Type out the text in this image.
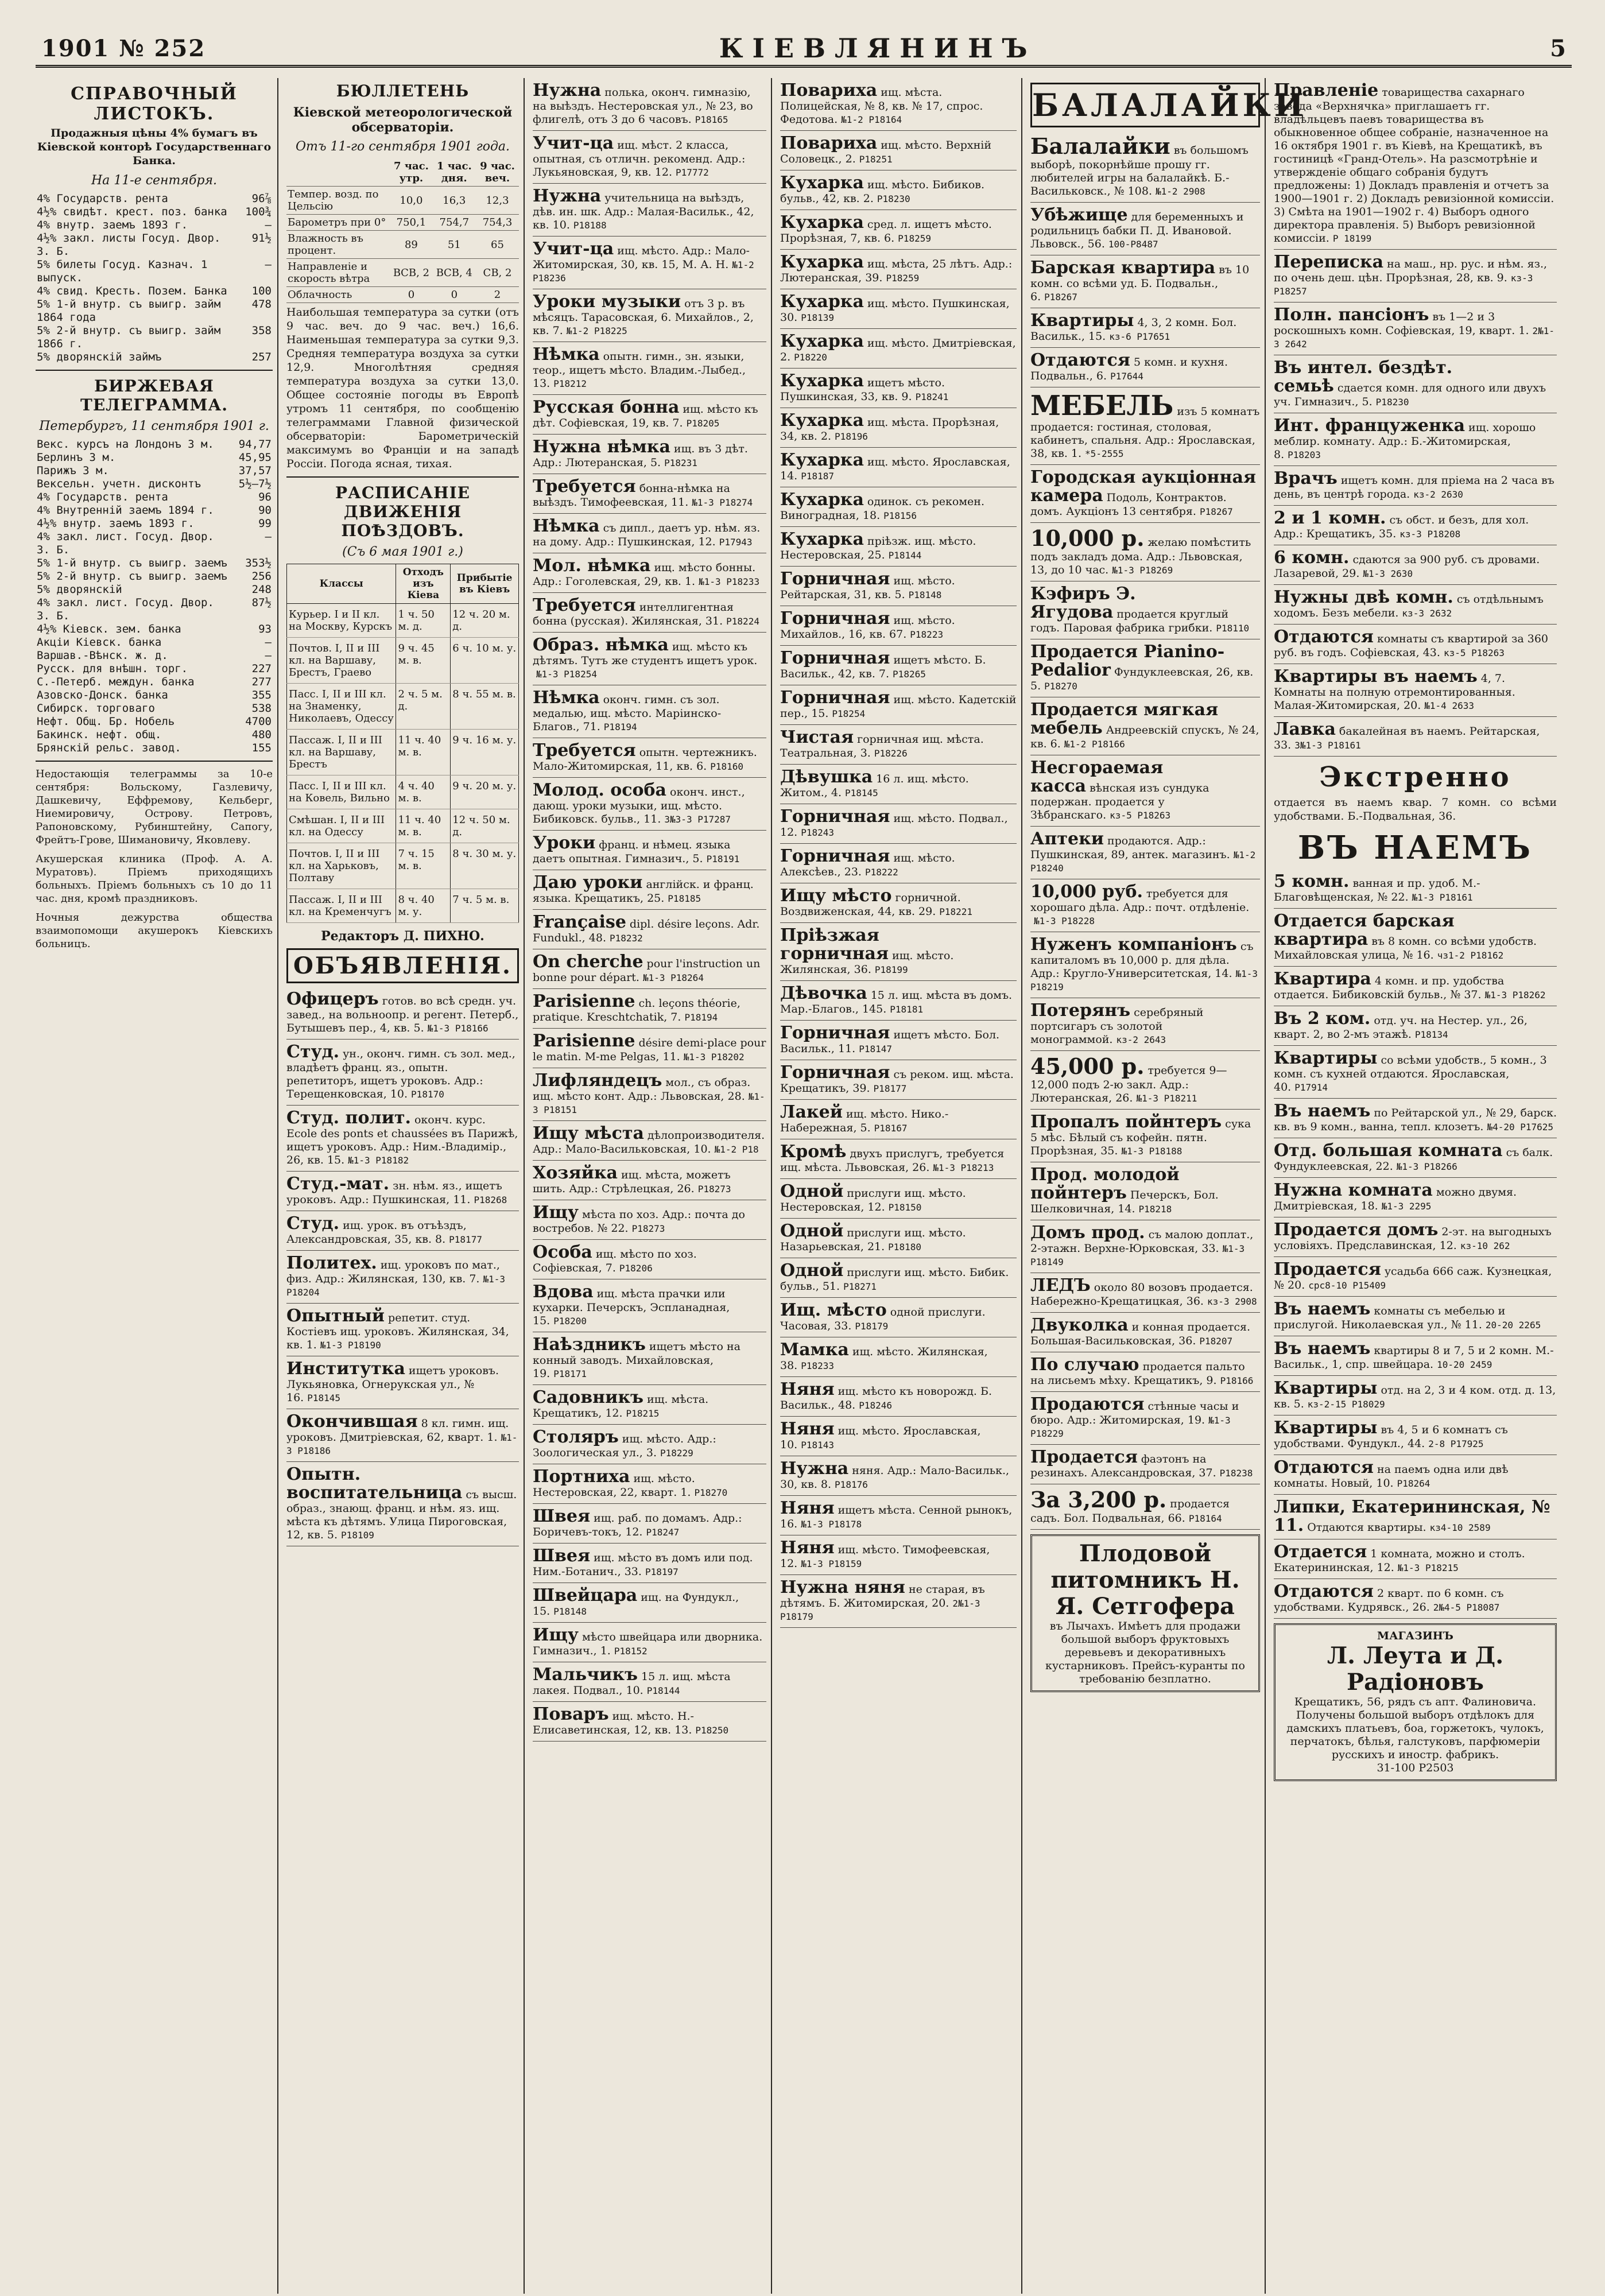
1901 № 252	КІЕВЛЯНИНЪ	5
СПРАВОЧНЫЙ ЛИСТОКЪ.
Продажныя цѣны 4% бумагъ въ Кіевской конторѣ Государственнаго Банка.
На 11-е сентября.
4% Государств. рента	96⅞
4½% свидѣт. крест. поз. банка	100¾
4% внутр. заемъ 1893 г.	—
4½% закл. листы Госуд. Двор. З. Б.	91½
5% билеты Госуд. Казнач. 1 выпуск.	—
4% свид. Кресть. Позем. Банка	100
5% 1-й внутр. съ выигр. займ 1864 года	478
5% 2-й внутр. съ выигр. займ 1866 г.	358
5% дворянскій займъ	257
БИРЖЕВАЯ ТЕЛЕГРАММА.
Петербургъ, 11 сентября 1901 г.
Векс. курсъ на Лондонъ 3 м.	94,77
Берлинъ 3 м.	45,95
Парижъ 3 м.	37,57
Вексельн. учетн. дисконтъ	5½—7½
4% Государств. рента	96
4% Внутренній заемъ 1894 г.	90
4½% внутр. заемъ 1893 г.	99
4% закл. лист. Госуд. Двор. З. Б.	—
5% 1-й внутр. съ выигр. заемъ	353½
5% 2-й внутр. съ выигр. заемъ	256
5% дворянскій	248
4% закл. лист. Госуд. Двор. З. Б.	87½
4½% Кіевск. зем. банка	93
Акціи Кіевск. банка	—
Варшав.-Вѣнск. ж. д.	—
Русск. для внѣшн. торг.	227
С.-Петерб. междун. банка	277
Азовско-Донск. банка	355
Сибирск. торговаго	538
Нефт. Общ. Бр. Нобель	4700
Бакинск. нефт. общ.	480
Брянскій рельс. завод.	155
Недостающія телеграммы за 10-е сентября: Вольскому, Газлевичу, Дашкевичу, Еффремову, Кельберг, Ниемировичу, Острову. Петровъ, Рапоновскому, Рубинштейну, Сапогу, Фрейтъ-Грове, Шимановичу, Яковлеву.
Акушерская клиника (Проф. А. А. Муратовъ). Пріемъ приходящихъ больныхъ. Пріемъ больныхъ съ 10 до 11 час. дня, кромѣ праздниковъ.
Ночныя дежурства общества взаимопомощи акушерокъ Кіевскихъ больницъ.
БЮЛЛЕТЕНЬ
Кіевской метеорологической обсерваторіи.
Отъ 11-го сентября 1901 года.
	7 час. утр.	1 час. дня.	9 час. веч.
Темпер. возд. по Цельсію	10,0	16,3	12,3
Барометръ при 0°	750,1	754,7	754,3
Влажность въ процент.	89	51	65
Направленіе и скорость вѣтра	ВСВ, 2	ВСВ, 4	СВ, 2
Облачность	0	0	2
Наибольшая температура за сутки (отъ 9 час. веч. до 9 час. веч.) 16,6. Наименьшая температура за сутки 9,3. Средняя температура воздуха за сутки 12,9. Многолѣтняя средняя температура воздуха за сутки 13,0. Общее состояніе погоды въ Европѣ утромъ 11 сентября, по сообщенію телеграммами Главной физической обсерваторіи: Барометрическій максимумъ во Франціи и на западѣ Россіи. Погода ясная, тихая.
РАСПИСАНІЕ ДВИЖЕНІЯ ПОѢЗДОВЪ.
(Съ 6 мая 1901 г.)
Классы	Отходъ изъ Кіева	Прибытіе въ Кіевъ
Курьер. I и II кл. на Москву, Курскъ	1 ч. 50 м. д.	12 ч. 20 м. д.
Почтов. I, II и III кл. на Варшаву, Брестъ, Граево	9 ч. 45 м. в.	6 ч. 10 м. у.
Пасс. I, II и III кл. на Знаменку, Николаевъ, Одессу	2 ч. 5 м. д.	8 ч. 55 м. в.
Пассаж. I, II и III кл. на Варшаву, Брестъ	11 ч. 40 м. в.	9 ч. 16 м. у.
Пасс. I, II и III кл. на Ковель, Вильно	4 ч. 40 м. в.	9 ч. 20 м. у.
Смѣшан. I, II и III кл. на Одессу	11 ч. 40 м. в.	12 ч. 50 м. д.
Почтов. I, II и III кл. на Харьковъ, Полтаву	7 ч. 15 м. в.	8 ч. 30 м. у.
Пассаж. I, II и III кл. на Кременчугъ	8 ч. 40 м. у.	7 ч. 5 м. в.
Редакторъ Д. ПИХНО.
ОБЪЯВЛЕНІЯ.
Офицеръ готов. во всѣ средн. уч. завед., на вольноопр. и регент. Петерб., Бутышевъ пер., 4, кв. 5. №1-3 P18166
Студ. ун., оконч. гимн. съ зол. мед., владѣетъ франц. яз., опытн. репетиторъ, ищетъ уроковъ. Адр.: Терещенковская, 10. Р18170
Студ. полит. оконч. курс. Ecole des ponts et chaussées въ Парижѣ, ищетъ уроковъ. Адр.: Ним.-Владимір., 26, кв. 15. №1-3 P18182
Студ.-мат. зн. нѣм. яз., ищетъ уроковъ. Адр.: Пушкинская, 11. Р18268
Студ. ищ. урок. въ отъѣздъ, Александровская, 35, кв. 8. Р18177
Политех. ищ. уроковъ по мат., физ. Адр.: Жилянская, 130, кв. 7. №1-3 P18204
Опытный репетит. студ. Костіевъ ищ. уроковъ. Жилянская, 34, кв. 1. №1-3 P18190
Институтка ищетъ уроковъ. Лукьяновка, Огнерукская ул., № 16. Р18145
Окончившая 8 кл. гимн. ищ. уроковъ. Дмитріевская, 62, кварт. 1. №1-3 P18186
Опытн. воспитательница съ высш. образ., знающ. франц. и нѣм. яз. ищ. мѣста къ дѣтямъ. Улица Пироговская, 12, кв. 5. Р18109
Нужна полька, оконч. гимназію, на выѣздъ. Нестеровская ул., № 23, во флигелѣ, отъ 3 до 6 часовъ. Р18165
Учит-ца ищ. мѣст. 2 класса, опытная, съ отличн. рекоменд. Адр.: Лукьяновская, 9, кв. 12. Р17772
Нужна учительница на выѣздъ, дѣв. ин. шк. Адр.: Малая-Васильк., 42, кв. 10. Р18188
Учит-ца ищ. мѣсто. Адр.: Мало-Житомирская, 30, кв. 15, М. А. Н. №1-2 P18236
Уроки музыки отъ 3 р. въ мѣсяцъ. Тарасовская, 6. Михайлов., 2, кв. 7. №1-2 P18225
Нѣмка опытн. гимн., зн. языки, теор., ищетъ мѣсто. Владим.-Лыбед., 13. Р18212
Русская бонна ищ. мѣсто къ дѣт. Софіевская, 19, кв. 7. Р18205
Нужна нѣмка ищ. въ 3 дѣт. Адр.: Лютеранская, 5. Р18231
Требуется бонна-нѣмка на выѣздъ. Тимофеевская, 11. №1-3 P18274
Нѣмка съ дипл., даетъ ур. нѣм. яз. на дому. Адр.: Пушкинская, 12. Р17943
Мол. нѣмка ищ. мѣсто бонны. Адр.: Гоголевская, 29, кв. 1. №1-3 P18233
Требуется интеллигентная бонна (русская). Жилянская, 31. Р18224
Образ. нѣмка ищ. мѣсто къ дѣтямъ. Тутъ же студентъ ищетъ урок.№1-3 P18254
Нѣмка оконч. гимн. съ зол. медалью, ищ. мѣсто. Маріинско-Благов., 71. Р18194
Требуется опытн. чертежникъ. Мало-Житомирская, 11, кв. 6. Р18160
Молод. особа оконч. инст., дающ. уроки музыки, ищ. мѣсто. Бибиковск. бульв., 11. 3№3-3 P17287
Уроки франц. и нѣмец. языка даетъ опытная. Гимназич., 5. Р18191
Даю уроки англійск. и франц. языка. Крещатикъ, 25. Р18185
Française dipl. désire leçons. Adr. Fundukl., 48. Р18232
On cherche pour l'instruction un bonne pour départ. №1-3 P18264
Parisienne ch. leçons théorie, pratique. Kreschtchatik, 7. Р18194
Parisienne désire demi-place pour le matin. M-me Pelgas, 11. №1-3 P18202
Лифляндецъ мол., съ образ. ищ. мѣсто конт. Адр.: Львовская, 28. №1-3 P18151
Ищу мѣста дѣлопроизводителя. Адр.: Мало-Васильковская, 10. №1-2 P18
Хозяйка ищ. мѣста, можетъ шить. Адр.: Стрѣлецкая, 26. Р18273
Ищу мѣста по хоз. Адр.: почта до востребов. № 22. Р18273
Особа ищ. мѣсто по хоз. Софіевская, 7. Р18206
Вдова ищ. мѣста прачки или кухарки. Печерскъ, Эспланадная, 15. Р18200
Наѣздникъ ищетъ мѣсто на конный заводъ. Михайловская, 19. Р18171
Садовникъ ищ. мѣста. Крещатикъ, 12. Р18215
Столяръ ищ. мѣсто. Адр.: Зоологическая ул., 3. Р18229
Портниха ищ. мѣсто. Нестеровская, 22, кварт. 1. Р18270
Швея ищ. раб. по домамъ. Адр.: Боричевъ-токъ, 12. Р18247
Швея ищ. мѣсто въ домъ или под. Ним.-Ботанич., 33. Р18197
Швейцара ищ. на Фундукл., 15. Р18148
Ищу мѣсто швейцара или дворника. Гимназич., 1. Р18152
Мальчикъ 15 л. ищ. мѣста лакея. Подвал., 10. Р18144
Поваръ ищ. мѣсто. Н.-Елисаветинская, 12, кв. 13. Р18250
Повариха ищ. мѣста. Полицейская, № 8, кв. № 17, спрос. Федотова. №1-2 P18164
Повариха ищ. мѣсто. Верхній Соловецк., 2. Р18251
Кухарка ищ. мѣсто. Бибиков. бульв., 42, кв. 2. Р18230
Кухарка сред. л. ищетъ мѣсто. Прорѣзная, 7, кв. 6. Р18259
Кухарка ищ. мѣста, 25 лѣтъ. Адр.: Лютеранская, 39. Р18259
Кухарка ищ. мѣсто. Пушкинская, 30. Р18139
Кухарка ищ. мѣсто. Дмитріевская, 2. Р18220
Кухарка ищетъ мѣсто. Пушкинская, 33, кв. 9. Р18241
Кухарка ищ. мѣста. Прорѣзная, 34, кв. 2. Р18196
Кухарка ищ. мѣсто. Ярославская, 14. Р18187
Кухарка одинок. съ рекомен. Виноградная, 18. Р18156
Кухарка пріѣзж. ищ. мѣсто. Нестеровская, 25. Р18144
Горничная ищ. мѣсто. Рейтарская, 31, кв. 5. Р18148
Горничная ищ. мѣсто. Михайлов., 16, кв. 67. Р18223
Горничная ищетъ мѣсто. Б. Васильк., 42, кв. 7. Р18265
Горничная ищ. мѣсто. Кадетскій пер., 15. Р18254
Чистая горничная ищ. мѣста. Театральная, 3. Р18226
Дѣвушка 16 л. ищ. мѣсто. Житом., 4. Р18145
Горничная ищ. мѣсто. Подвал., 12. Р18243
Горничная ищ. мѣсто. Алексѣев., 23. Р18222
Ищу мѣсто горничной. Воздвиженская, 44, кв. 29. Р18221
Пріѣзжая горничная ищ. мѣсто. Жилянская, 36. Р18199
Дѣвочка 15 л. ищ. мѣста въ домъ. Мар.-Благов., 145. Р18181
Горничная ищетъ мѣсто. Бол. Васильк., 11. Р18147
Горничная съ реком. ищ. мѣста. Крещатикъ, 39. Р18177
Лакей ищ. мѣсто. Нико.-Набережная, 5. Р18167
Кромѣ двухъ прислугъ, требуется ищ. мѣста. Львовская, 26. №1-3 P18213
Одной прислуги ищ. мѣсто. Нестеровская, 12. Р18150
Одной прислуги ищ. мѣсто. Назарьевская, 21. Р18180
Одной прислуги ищ. мѣсто. Бибик. бульв., 51. Р18271
Ищ. мѣсто одной прислуги. Часовая, 33. Р18179
Мамка ищ. мѣсто. Жилянская, 38. Р18233
Няня ищ. мѣсто къ новорожд. Б. Васильк., 48. Р18246
Няня ищ. мѣсто. Ярославская, 10. Р18143
Нужна няня. Адр.: Мало-Васильк., 30, кв. 8. Р18176
Няня ищетъ мѣста. Сенной рынокъ, 16. №1-3 P18178
Няня ищ. мѣсто. Тимофеевская, 12. №1-3 P18159
Нужна няня не старая, въ дѣтямъ. Б. Житомирская, 20. 2№1-3 P18179
БАЛАЛАЙКИ
Балалайки въ большомъ выборѣ, покорнѣйше прошу гг. любителей игры на балалайкѣ. Б.-Васильковск., № 108. №1-2 2908
Убѣжище для беременныхъ и родильницъ бабки П. Д. Ивановой. Львовск., 56. 100-P8487
Барская квартира въ 10 комн. со всѣми уд. Б. Подвальн., 6. Р18267
Квартиры 4, 3, 2 комн. Бол. Васильк., 15. кз-6 P17651
Отдаются 5 комн. и кухня. Подвальн., 6. Р17644
МЕБЕЛЬ изъ 5 комнатъ продается: гостиная, столовая, кабинетъ, спальня. Адр.: Ярославская, 38, кв. 1. *5-2555
Городская аукціонная камера Подоль, Контрактов. домъ. Аукціонъ 13 сентября. Р18267
10,000 р. желаю помѣстить подъ закладъ дома. Адр.: Львовская, 13, до 10 час. №1-3 P18269
Кэфиръ Э. Ягудова продается круглый годъ. Паровая фабрика грибки. Р18110
Продается Pianino-Pedalior Фундуклеевская, 26, кв. 5. Р18270
Продается мягкая мебель Андреевскій спускъ, № 24, кв. 6. №1-2 P18166
Несгораемая касса вѣнская изъ сундука подержан. продается у Зѣбранскаго. кз-5 P18263
Аптеки продаются. Адр.: Пушкинская, 89, антек. магазинъ. №1-2 P18240
10,000 руб. требуется для хорошаго дѣла. Адр.: почт. отдѣленіе.№1-3 P18228
Нуженъ компаніонъ съ капиталомъ въ 10,000 р. для дѣла. Адр.: Кругло-Университетская, 14. №1-3 P18219
Потерянъ серебряный портсигаръ съ золотой монограммой. кз-2 2643
45,000 р. требуется 9—12,000 подъ 2-ю закл. Адр.: Лютеранская, 26. №1-3 P18211
Пропалъ пойнтеръ сука 5 мѣс. Бѣлый съ кофейн. пятн. Прорѣзная, 35. №1-3 P18188
Прод. молодой пойнтеръ Печерскъ, Бол. Шелковичная, 14. Р18218
Домъ прод. съ малою доплат., 2-этажн. Верхне-Юрковская, 33. №1-3 P18149
ЛЕДЪ около 80 возовъ продается. Набережно-Крещатицкая, 36. кз-3 2908
Двуколка и конная продается. Большая-Васильковская, 36. Р18207
По случаю продается пальто на лисьемъ мѣху. Крещатикъ, 9. Р18166
Продаются стѣнные часы и бюро. Адр.: Житомирская, 19. №1-3 P18229
Продается фаэтонъ на резинахъ. Александровская, 37. Р18238
За 3,200 р. продается садъ. Бол. Подвальная, 66. Р18164
Плодовой питомникъ Н. Я. Сетгофера
въ Лычахъ. Имѣетъ для продажи большой выборъ фруктовыхъ деревьевъ и декоративныхъ кустарниковъ. Прейсъ-куранты по требованію безплатно.
Правленіе товарищества сахарнаго завода «Верхнячка» приглашаетъ гг. владѣльцевъ паевъ товарищества въ обыкновенное общее собраніе, назначенное на 16 октября 1901 г. въ Кіевѣ, на Крещатикѣ, въ гостиницѣ «Гранд-Отель». На разсмотрѣніе и утвержденіе общаго собранія будутъ предложены: 1) Докладъ правленія и отчетъ за 1900—1901 г. 2) Докладъ ревизіонной комиссіи. 3) Смѣта на 1901—1902 г. 4) Выборъ одного директора правленія. 5) Выборъ ревизіонной комиссіи. Р 18199
Переписка на маш., нр. рус. и нѣм. яз., по очень деш. цѣн. Прорѣзная, 28, кв. 9. кз-3 P18257
Полн. пансіонъ въ 1—2 и 3 роскошныхъ комн. Софіевская, 19, кварт. 1. 2№1-3 2642
Въ интел. бездѣт. семьѣ сдается комн. для одного или двухъ уч. Гимназич., 5. Р18230
Инт. француженка ищ. хорошо меблир. комнату. Адр.: Б.-Житомирская, 8. Р18203
Врачъ ищетъ комн. для пріема на 2 часа въ день, въ центрѣ города. кз-2 2630
2 и 1 комн. съ обст. и безъ, для хол. Адр.: Крещатикъ, 35. кз-3 P18208
6 комн. сдаются за 900 руб. съ дровами. Лазаревой, 29. №1-3 2630
Нужны двѣ комн. съ отдѣльнымъ ходомъ. Безъ мебели. кз-3 2632
Отдаются комнаты съ квартирой за 360 руб. въ годъ. Софіевская, 43. кз-5 P18263
Квартиры въ наемъ 4, 7. Комнаты на полную отремонтированныя. Малая-Житомирская, 20. №1-4 2633
Лавка бакалейная въ наемъ. Рейтарская, 33. 3№1-3 P18161
Экстренно
отдается въ наемъ квар. 7 комн. со всѣми удобствами. Б.-Подвальная, 36.
ВЪ НАЕМЪ
5 комн. ванная и пр. удоб. М.-Благовѣщенская, № 22. №1-3 P18161
Отдается барская квартира въ 8 комн. со всѣми удобств. Михайловская улица, № 16. чз1-2 P18162
Квартира 4 комн. и пр. удобства отдается. Бибиковскій бульв., № 37. №1-3 P18262
Въ 2 ком. отд. уч. на Нестер. ул., 26, кварт. 2, во 2-мъ этажѣ. Р18134
Квартиры со всѣми удобств., 5 комн., 3 комн. съ кухней отдаются. Ярославская, 40. Р17914
Въ наемъ по Рейтарской ул., № 29, барск. кв. въ 9 комн., ванна, тепл. клозетъ. №4-20 P17625
Отд. большая комната съ балк. Фундуклеевская, 22. №1-3 P18266
Нужна комната можно двумя. Дмитріевская, 18. №1-3 2295
Продается домъ 2-эт. на выгодныхъ условіяхъ. Предславинская, 12. кз-10 262
Продается усадьба 666 саж. Кузнецкая, № 20. срс8-10 P15409
Въ наемъ комнаты съ мебелью и прислугой. Николаевская ул., № 11. 20-20 2265
Въ наемъ квартиры 8 и 7, 5 и 2 комн. М.-Васильк., 1, спр. швейцара. 10-20 2459
Квартиры отд. на 2, 3 и 4 ком. отд. д. 13, кв. 5. кз-2-15 P18029
Квартиры въ 4, 5 и 6 комнатъ съ удобствами. Фундукл., 44. 2-8 P17925
Отдаются на паемъ одна или двѣ комнаты. Новый, 10. Р18264
Липки, Екатерининская, № 11. Отдаются квартиры. кз4-10 2589
Отдается 1 комната, можно и столъ. Екатерининская, 12. №1-3 P18215
Отдаются 2 кварт. по 6 комн. съ удобствами. Кудрявск., 26. 2№4-5 P18087
МАГАЗИНЪ
Л. Леута и Д. Радіоновъ
Крещатикъ, 56, рядъ съ апт. Фалиновича. Получены большой выборъ отдѣлокъ для дамскихъ платьевъ, боа, горжетокъ, чулокъ, перчатокъ, бѣлья, галстуковъ, парфюмеріи русскихъ и иностр. фабрикъ.
31-100 P2503
